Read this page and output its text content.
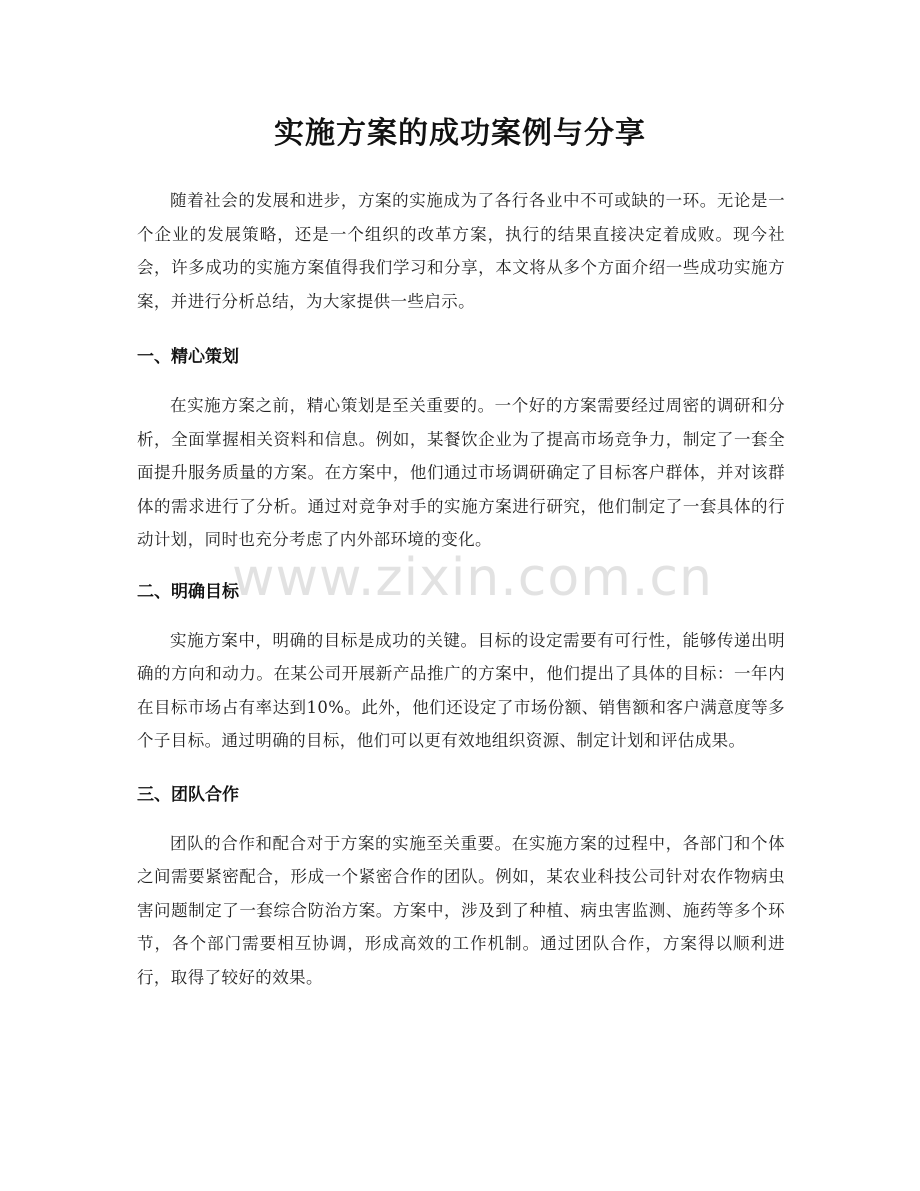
实施方案的成功案例与分享

随着社会的发展和进步，方案的实施成为了各行各业中不可或缺的一环。无论是一个企业的发展策略，还是一个组织的改革方案，执行的结果直接决定着成败。现今社会，许多成功的实施方案值得我们学习和分享，本文将从多个方面介绍一些成功实施方案，并进行分析总结，为大家提供一些启示。

一、精心策划

在实施方案之前，精心策划是至关重要的。一个好的方案需要经过周密的调研和分析，全面掌握相关资料和信息。例如，某餐饮企业为了提高市场竞争力，制定了一套全面提升服务质量的方案。在方案中，他们通过市场调研确定了目标客户群体，并对该群体的需求进行了分析。通过对竞争对手的实施方案进行研究，他们制定了一套具体的行动计划，同时也充分考虑了内外部环境的变化。

二、明确目标

实施方案中，明确的目标是成功的关键。目标的设定需要有可行性，能够传递出明确的方向和动力。在某公司开展新产品推广的方案中，他们提出了具体的目标：一年内在目标市场占有率达到10%。此外，他们还设定了市场份额、销售额和客户满意度等多个子目标。通过明确的目标，他们可以更有效地组织资源、制定计划和评估成果。

三、团队合作

团队的合作和配合对于方案的实施至关重要。在实施方案的过程中，各部门和个体之间需要紧密配合，形成一个紧密合作的团队。例如，某农业科技公司针对农作物病虫害问题制定了一套综合防治方案。方案中，涉及到了种植、病虫害监测、施药等多个环节，各个部门需要相互协调，形成高效的工作机制。通过团队合作，方案得以顺利进行，取得了较好的效果。

www.zixin.com.cn
